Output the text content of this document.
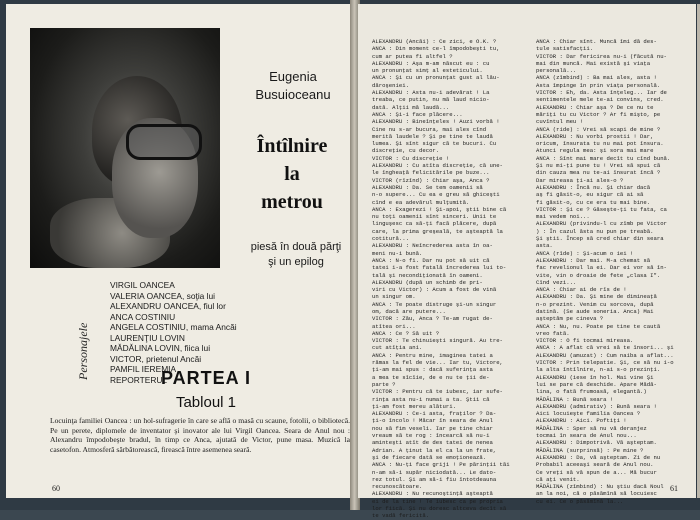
Eugenia
Busuioceanu
Întîlnire
la
metrou
piesă în două părţi
şi un epilog
Personajele
VIRGIL OANCEA
VALERIA OANCEA, soţia lui
ALEXANDRU OANCEA, fiul lor
ANCA COSTINIU
ANGELA COSTINIU, mama Ancăi
LAURENŢIU LOVIN
MĂDĂLINA LOVIN, fiica lui
VICTOR, prietenul Ancăi
PAMFIL IEREMIA
REPORTERUL
PARTEA I
Tabloul 1
Locuinţa familiei Oancea : un hol-sufragerie în care se află o masă cu scaune, fotolii, o bibliotecă. Pe un perete, diplomele de inventator şi inovator ale lui Virgil Oancea. Seara de Anul nou : Alexandru împodobeşte bradul, în timp ce Anca, ajutată de Victor, pune masa. Muzică la casetofon. Atmosferă sărbătorească, firească între asemenea seară.
60
ALEXANDRU (Ancăi) : Ce zici, e O.K. ?
ANCA : Din moment ce-l împodobeşti tu,
cum ar putea fi altfel ?
ALEXANDRU : Aşa m-am născut eu : cu
un pronunţat simţ al esteticului.
ANCA : Şi cu un pronunţat gust al lău-
dăroşeniei.
ALEXANDRU : Asta nu-i adevărat ! La
treaba, ce putin, nu mă laud nicio-
dată. Alţii mă laudă...
ANCA : Şi-i face plăcere...
ALEXANDRU : Bineînţeles ! Auzi vorbă !
Cine nu s-ar bucura, mai ales cînd
merită laudele ? Şi pe tine te laudă
lumea. Şi sînt sigur că te bucuri. Cu
discreţie, cu decor.
VICTOR : Cu discreţie !
ALEXANDRU : Cu atîta discreţie, că une-
le îngheaţă felicitările pe buze...
VICTOR (rîzînd) : Chiar aşa, Anca ?
ALEXANDRU : Da. Se tem oamenii să
n-o supere... Cu ea e greu să ghiceşti
cînd e ea adevărul mulţumită.
ANCA : Exagerezi ! Şi-apoi, ştii bine că
nu toţi oamenii sînt sinceri. Unii te
linguşesc ca să-ţi facă plăcere, după
care, la prima greşeală, te aşteaptă la
cotitură...
ALEXANDRU : Neîncrederea asta în oa-
meni nu-i bună.
ANCA : N-o fi. Dar nu pot să uit că
tatei i-a fost fatală încrederea lui to-
tală şi necondiţionată în oameni.
ALEXANDRU (după un schimb de pri-
viri cu Victor) : Acum a fost de vină
un singur om.
ANCA : Te poate distruge şi-un singur
om, dacă are putere...
VICTOR : Zău, Anca ? Te-am rugat de-
atîtea ori...
ANCA : Ce ? Să uit ?
VICTOR : Te chinuieşti singură. Au tre-
cut atîţia ani.
ANCA : Pentru mine, imaginea tatei a
rămas la fel de vie... Iar tu, Victore,
ţi-am mai spus : dacă suferinţa asta
a mea te sîcîie, de e nu te ţii de-
parte ?
VICTOR : Pentru că te iubesc, iar sufe-
rinţa asta nu-i numai a ta. Ştii că
ţi-am fost mereu alături.
ALEXANDRU : Ce-i asta, fraţilor ? Da-
ţi-o încolo ! Măcar în seara de Anul
nou să fim veseli. Iar pe tine chiar
vreaum să te rog : încearcă să nu-i
aminteşti atît de des tatei de nenea
Adrian. A ţinut la el ca la un frate,
şi de fiecare dată se emoţionează.
ANCA : Nu-ţi face griji ! Pe părinţii tăi
n-am să-i supăr niciodată... Le dato-
rez totul. Şi am să-i fiu întotdeauna
recunoscătoare.
ALEXANDRU : Nu recunoştinţă aşteaptă
ei de la tine ! Te iubesc ca pe propria
lor fiică. Şi nu doresc altceva decît să
te vadă fericită.
ANCA : Chiar sînt. Muncă îmi dă des-
tule satisfacţii.
VICTOR : Dar fericirea nu-i (făcută nu-
mai din muncă. Mai există şi viaţa
personală...
ANCA (zîmbind) : Ba mai ales, asta !
Asta împinge în prin viaţa personală.
VICTOR : Eh, da. Asta înţeleg... Iar de
sentimentele mele te-ai convins, cred.
ALEXANDRU : Chiar aşa ? De ce nu te
măriţi tu cu Victor ? Ar fi mişto, pe
cuvîntul meu !
ANCA (ride) : Vrei să scapi de mine ?
ALEXANDRU : Nu vorbi prostii ! Dar,
oricum, însurata tu nu mai pot însura.
Atunci regula mea: şi sora mai mare
ANCA : Sînt mai mare decît tu cînd bună.
Şi nu mi-ţi pune tu ! Vrei să spui că
din cauza mea nu te-ai însurat încă ?
Dar mireasa ţi-ai ales-o ?
ALEXANDRU : Încă nu. Şi chiar dacă
aş fi găsit-o, eu sigur că ai să
fi găsit-o, cu ce era tu mai bine.
VICTOR : Şi ce ? Găseşte-ţi tu fata, ca
mai vedem noi...
ALEXANDRU (privindu-l cu zîmb pe Victor
) : În cazul ăsta nu pun pe treabă.
Şi ştii. Încep să cred chiar din seara
asta.
ANCA (rîde) : Şi-acum o iei !
ALEXANDRU : Dar mai. M-a chemat să
fac revelionul la ei. Dar ei vor să în-
vite, vin o droaie de fete „clasa I".
Cînd vezi...
ANCA : Chiar ai de rîs de !
ALEXANDRU : Da. Şi mine de dimineaţă
n-o prezint. Venim cu sorcova, după
datină. (Se aude soneria. Anca) Mai
aşteptăm pe cineva ?
ANCA : Nu, nu. Poate pe tine te caută
vreo fată.
VICTOR : O fi tocmai mireasa.
ANCA : A aflat că vrei să te însori... şi
ALEXANDRU (amuzat) : Cum naiba a aflat...
VICTOR : Prin telepatie. Şi, ce să nu i-o
la alta întîlnire, n-ai s-o prezinţi.
ALEXANDRU (iese în hol. Mai vine Şi
lui se pare că deschide. Apare Mădă-
lina, o fată frumoasă, elegantă.)
MĂDĂLINA : Bună seara !
ALEXANDRU (admirativ) : Bună seara !
Aici locuieşte familia Oancea ?
ALEXANDRU : Aici. Poftiţi !
MĂDĂLINA : Sper să nu vă deranjez
tocmai în seara de Anul nou...
ALEXANDRU : Dimpotrivă. Vă aşteptam.
MĂDĂLINA (surprinsă) : Pe mine ?
ALEXANDRU : Da, vă aşteptam. Zi de nu
Probabil aceeaşi seară de Anul nou.
Ce vreţi să vă spun de a... Mă bucur
că aţi venit.
MĂDĂLINA (zîmbind) : Nu ştiu dacă Noul
an la noi, că o păsămînă să locuiesc
cu ei. Ce o păsămînă la...
61
